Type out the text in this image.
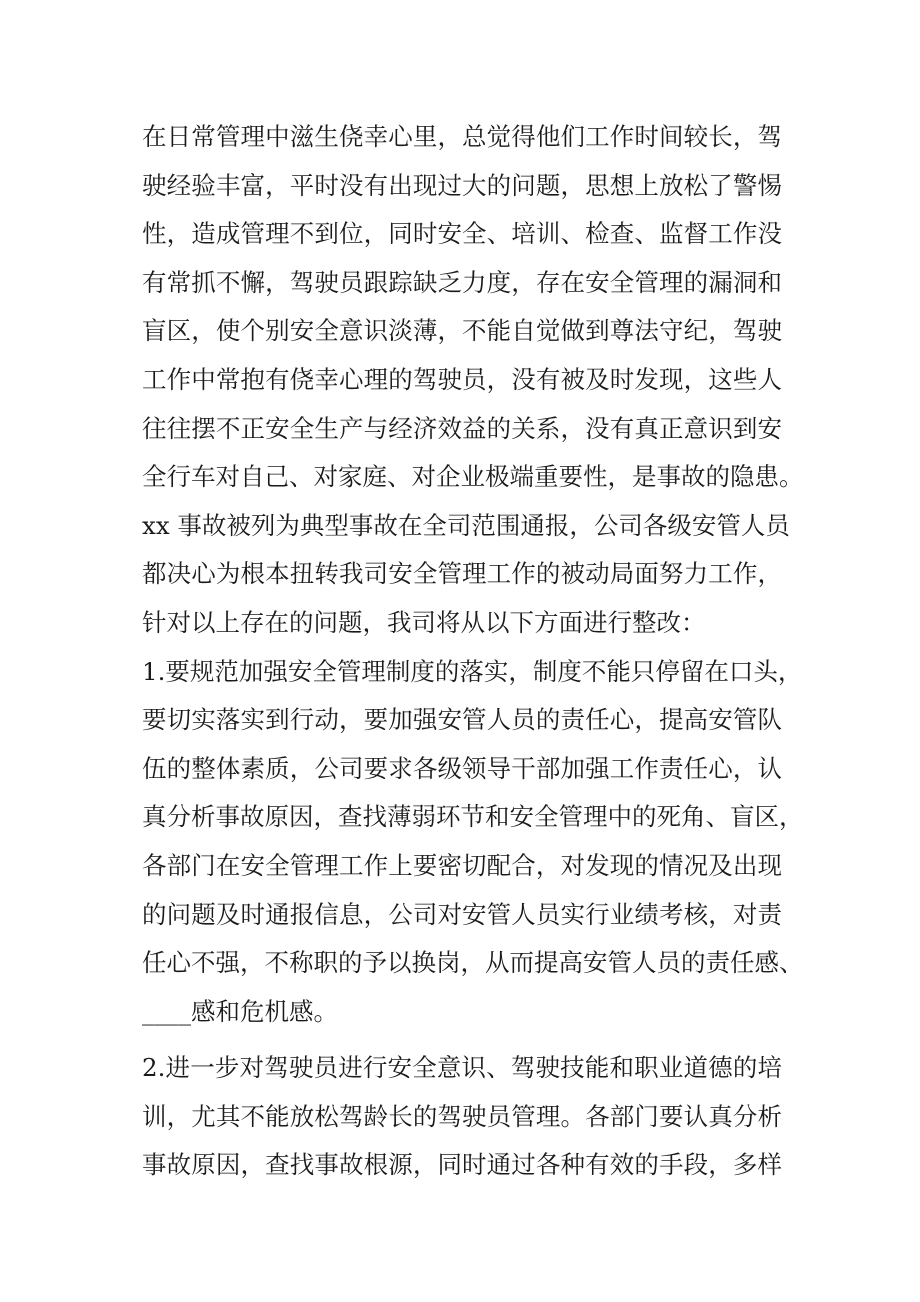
在日常管理中滋生侥幸心里，总觉得他们工作时间较长，驾
驶经验丰富，平时没有出现过大的问题，思想上放松了警惕
性，造成管理不到位，同时安全、培训、检查、监督工作没
有常抓不懈，驾驶员跟踪缺乏力度，存在安全管理的漏洞和
盲区，使个别安全意识淡薄，不能自觉做到尊法守纪，驾驶
工作中常抱有侥幸心理的驾驶员，没有被及时发现，这些人
往往摆不正安全生产与经济效益的关系，没有真正意识到安
全行车对自己、对家庭、对企业极端重要性，是事故的隐患。
xx 事故被列为典型事故在全司范围通报，公司各级安管人员
都决心为根本扭转我司安全管理工作的被动局面努力工作，
针对以上存在的问题，我司将从以下方面进行整改：
1.要规范加强安全管理制度的落实，制度不能只停留在口头，
要切实落实到行动，要加强安管人员的责任心，提高安管队
伍的整体素质，公司要求各级领导干部加强工作责任心，认
真分析事故原因，查找薄弱环节和安全管理中的死角、盲区，
各部门在安全管理工作上要密切配合，对发现的情况及出现
的问题及时通报信息，公司对安管人员实行业绩考核，对责
任心不强，不称职的予以换岗，从而提高安管人员的责任感、
____感和危机感。
2.进一步对驾驶员进行安全意识、驾驶技能和职业道德的培
训，尤其不能放松驾龄长的驾驶员管理。各部门要认真分析
事故原因，查找事故根源，同时通过各种有效的手段，多样
